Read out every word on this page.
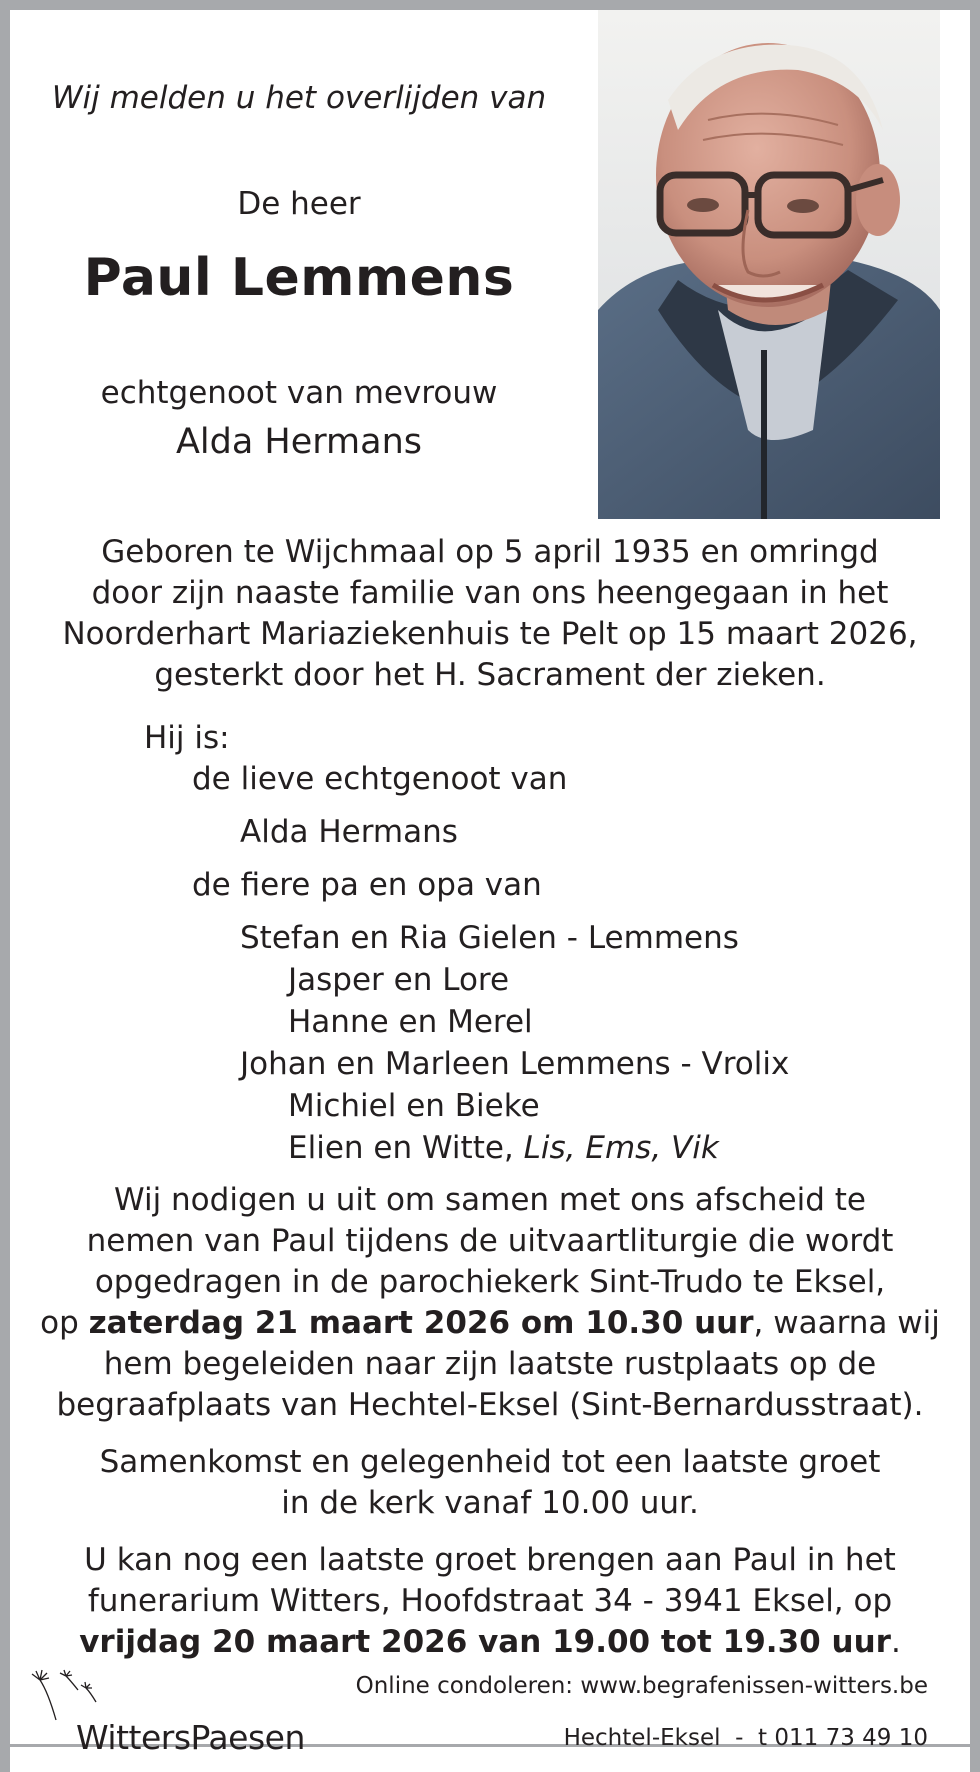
Wij melden u het overlijden van
De heer
Paul Lemmens
echtgenoot van mevrouw
Alda Hermans
Geboren te Wijchmaal op 5 april 1935 en omringd
door zijn naaste familie van ons heengegaan in het
Noorderhart Mariaziekenhuis te Pelt op 15 maart 2026,
gesterkt door het H. Sacrament der zieken.
Hij is:
de lieve echtgenoot van
Alda Hermans
de fiere pa en opa van
Stefan en Ria Gielen - Lemmens
Jasper en Lore
Hanne en Merel
Johan en Marleen Lemmens - Vrolix
Michiel en Bieke
Elien en Witte, Lis, Ems, Vik
Wij nodigen u uit om samen met ons afscheid te
nemen van Paul tijdens de uitvaartliturgie die wordt
opgedragen in de parochiekerk Sint-Trudo te Eksel,
op zaterdag 21 maart 2026 om 10.30 uur, waarna wij
hem begeleiden naar zijn laatste rustplaats op de
begraafplaats van Hechtel-Eksel (Sint-Bernardusstraat).
Samenkomst en gelegenheid tot een laatste groet
in de kerk vanaf 10.00 uur.
U kan nog een laatste groet brengen aan Paul in het
funerarium Witters, Hoofdstraat 34 - 3941 Eksel, op
vrijdag 20 maart 2026 van 19.00 tot 19.30 uur.
WittersPaesen
Online condoleren: www.begrafenissen-witters.be
Hechtel-Eksel  -  t 011 73 49 10
